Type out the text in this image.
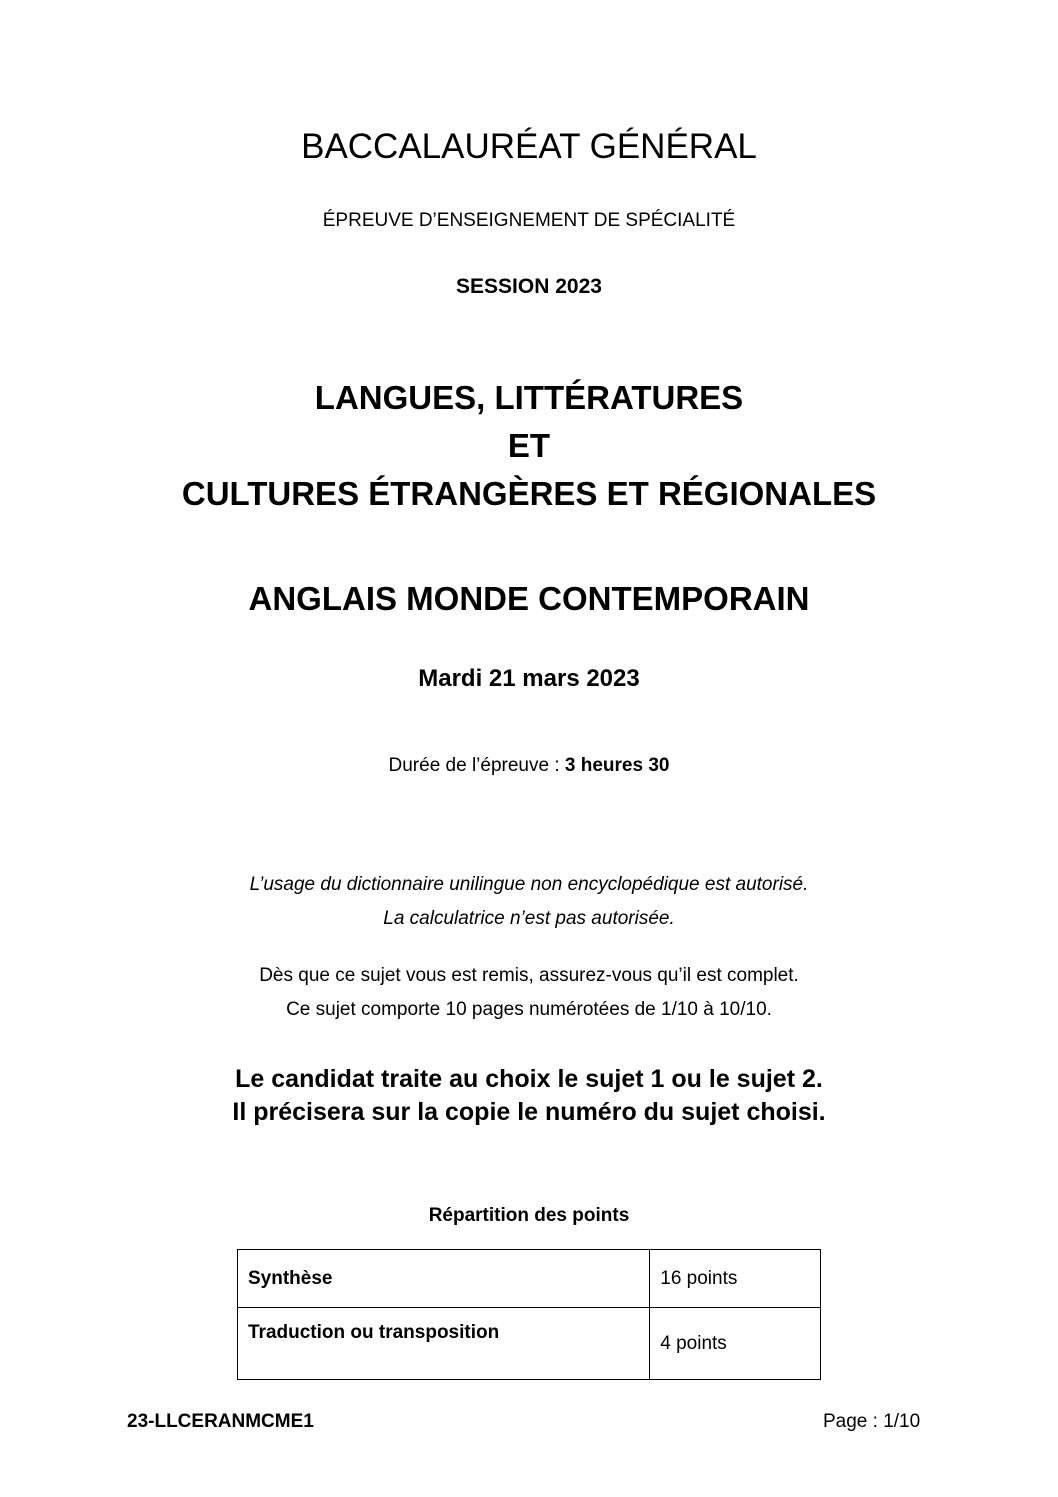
BACCALAURÉAT GÉNÉRAL
ÉPREUVE D’ENSEIGNEMENT DE SPÉCIALITÉ
SESSION 2023
LANGUES, LITTÉRATURES
ET
CULTURES ÉTRANGÈRES ET RÉGIONALES
ANGLAIS MONDE CONTEMPORAIN
Mardi 21 mars 2023
Durée de l’épreuve : 3 heures 30
L’usage du dictionnaire unilingue non encyclopédique est autorisé.
La calculatrice n’est pas autorisée.
Dès que ce sujet vous est remis, assurez-vous qu’il est complet.
Ce sujet comporte 10 pages numérotées de 1/10 à 10/10.
Le candidat traite au choix le sujet 1 ou le sujet 2.
Il précisera sur la copie le numéro du sujet choisi.
Répartition des points
Synthèse	16 points
Traduction ou transposition	4 points
23-LLCERANMCME1	Page : 1/10
